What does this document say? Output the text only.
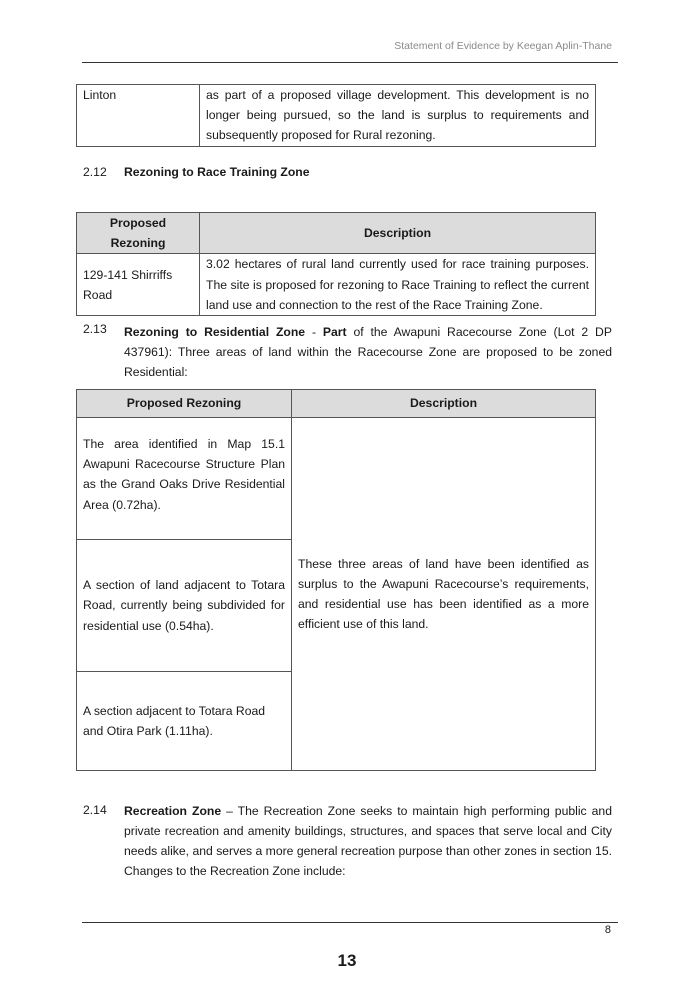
Statement of Evidence by Keegan Aplin-Thane
Linton	as part of a proposed village development. This development is no longer being pursued, so the land is surplus to requirements and subsequently proposed for Rural rezoning.
2.12 Rezoning to Race Training Zone
Proposed Rezoning	Description
129-141 Shirriffs Road	3.02 hectares of rural land currently used for race training purposes. The site is proposed for rezoning to Race Training to reflect the current land use and connection to the rest of the Race Training Zone.
2.13 Rezoning to Residential Zone - Part of the Awapuni Racecourse Zone (Lot 2 DP 437961): Three areas of land within the Racecourse Zone are proposed to be zoned Residential:
Proposed Rezoning	Description
The area identified in Map 15.1 Awapuni Racecourse Structure Plan as the Grand Oaks Drive Residential Area (0.72ha).	These three areas of land have been identified as surplus to the Awapuni Racecourse’s requirements, and residential use has been identified as a more efficient use of this land.
A section of land adjacent to Totara Road, currently being subdivided for residential use (0.54ha).	
A section adjacent to Totara Road and Otira Park (1.11ha).	
2.14 Recreation Zone – The Recreation Zone seeks to maintain high performing public and private recreation and amenity buildings, structures, and spaces that serve local and City needs alike, and serves a more general recreation purpose than other zones in section 15. Changes to the Recreation Zone include:
8
13
